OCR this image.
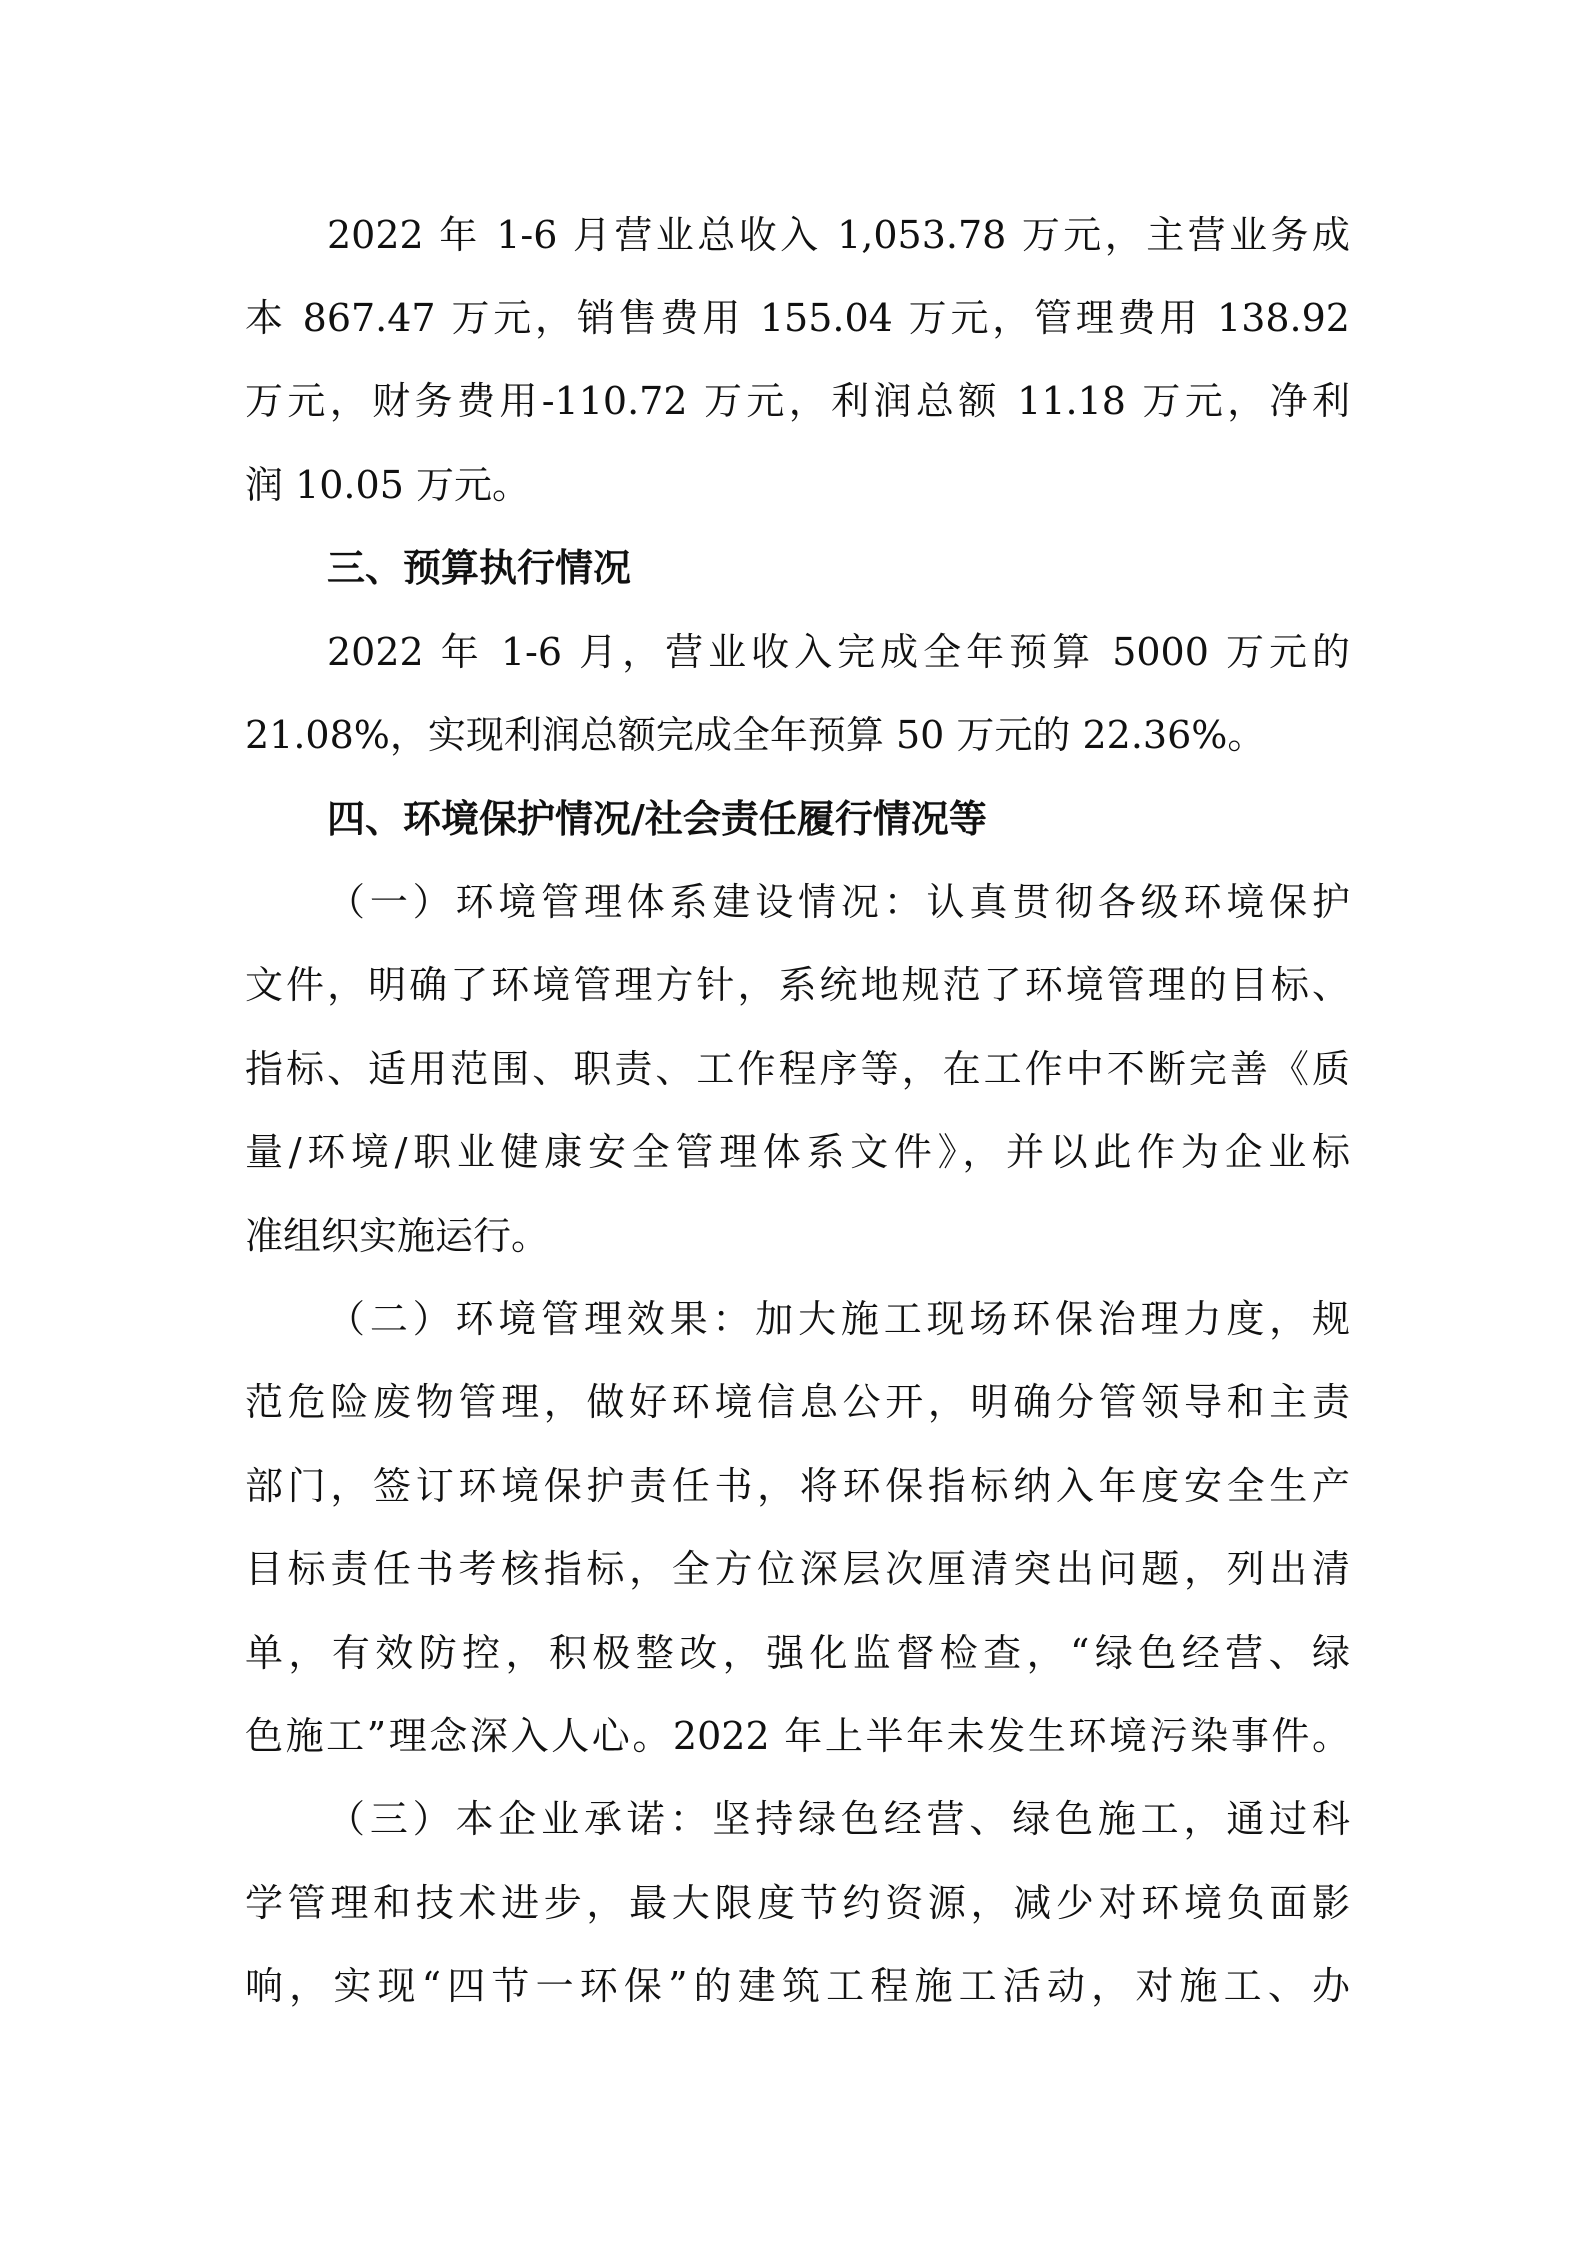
2022 年 1-6 月营业总收入 1,053.78 万元，主营业务成
本 867.47 万元，销售费用 155.04 万元，管理费用 138.92
万元，财务费用-110.72 万元，利润总额 11.18 万元，净利
润 10.05 万元。
三、预算执行情况
2022 年 1-6 月，营业收入完成全年预算 5000 万元的
21.08%，实现利润总额完成全年预算 50 万元的 22.36%。
四、环境保护情况/社会责任履行情况等
（一）环境管理体系建设情况：认真贯彻各级环境保护
文件，明确了环境管理方针，系统地规范了环境管理的目标、
指标、适用范围、职责、工作程序等，在工作中不断完善《质
量/环境/职业健康安全管理体系文件》，并以此作为企业标
准组织实施运行。
（二）环境管理效果：加大施工现场环保治理力度，规
范危险废物管理，做好环境信息公开，明确分管领导和主责
部门，签订环境保护责任书，将环保指标纳入年度安全生产
目标责任书考核指标，全方位深层次厘清突出问题，列出清
单，有效防控，积极整改，强化监督检查，“绿色经营、绿
色施工”理念深入人心。2022 年上半年未发生环境污染事件。
（三）本企业承诺：坚持绿色经营、绿色施工，通过科
学管理和技术进步，最大限度节约资源，减少对环境负面影
响，实现“四节一环保”的建筑工程施工活动，对施工、办
